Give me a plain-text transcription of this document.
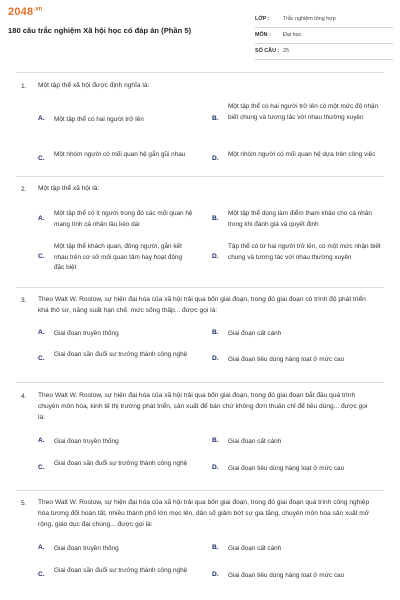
$2048^{.vn}$
180 câu trắc nghiệm Xã hội học có đáp án (Phần 5)
LỚP : Trắc nghiệm tổng hợp
MÔN : Đại học
SỐ CÂU : 25
1. Một tập thể xã hội được định nghĩa là:
A. Một tập thể có hai người trở lên	B.
Một tập thể có hai người trở lên có một mức độ nhận biết chung và tương tác với nhau thường xuyên
C.
Một nhóm người có mối quan hệ gắn gũi nhau
D.
Một nhóm người có mối quan hệ dựa trên công việc
2. Một tập thể xã hội là:
A.
Một tập thể có ít người trong đó các mối quan hệ mang tính cá nhân lâu kéo dài
B.
Một tập thể dùng làm điểm tham khảo cho cá nhân trong khi đánh giá và quyết định
C.
Một tập thể khách quan, đông người, gắn kết nhau trên cơ sở mối quan tâm hay hoạt động đặc biệt
D.
Tập thể có từ hai người trở lên, có một mức nhận biết chung và tương tác với nhau thường xuyên
3. Theo Walt W. Rostow, sự hiện đại hóa của xã hội trải qua bốn giai đoạn, trong đó giai đoạn có trình độ phát triển khá thô sơ, năng suất hạn chế, mức sống thấp... được gọi là:
A. Giai đoạn truyền thống	B. Giai đoạn cất cánh
C.
Giai đoạn săn đuổi sự trưởng thành công nghệ
D. Giai đoạn tiêu dùng hàng loạt ở mức cao
4. Theo Walt W. Rostow, sự hiện đại hóa của xã hội trải qua bốn giai đoạn, trong đó giai đoạn bắt đầu quá trình chuyên môn hóa, kinh tế thị trường phát triển, sản xuất để bán chứ không đơn thuần chỉ để tiêu dùng... được gọi là:
A. Giai đoạn truyền thống	B. Giai đoạn cất cánh
C.
Giai đoạn săn đuổi sự trưởng thành công nghệ
D. Giai đoạn tiêu dùng hàng loạt ở mức cao
5. Theo Walt W. Rostow, sự hiện đại hóa của xã hội trải qua bốn giai đoạn, trong đó giai đoạn quá trình công nghiệp hóa tương đối hoàn tất, nhiều thành phố lớn mọc lên, dân số giảm bớt sự gia tăng, chuyên môn hóa sản xuất mở rộng, giáo dục đại chúng... được gọi là:
A. Giai đoạn truyền thống	B. Giai đoạn cất cánh
C.
Giai đoạn săn đuổi sự trưởng thành công nghệ
D. Giai đoạn tiêu dùng hàng loạt ở mức cao
